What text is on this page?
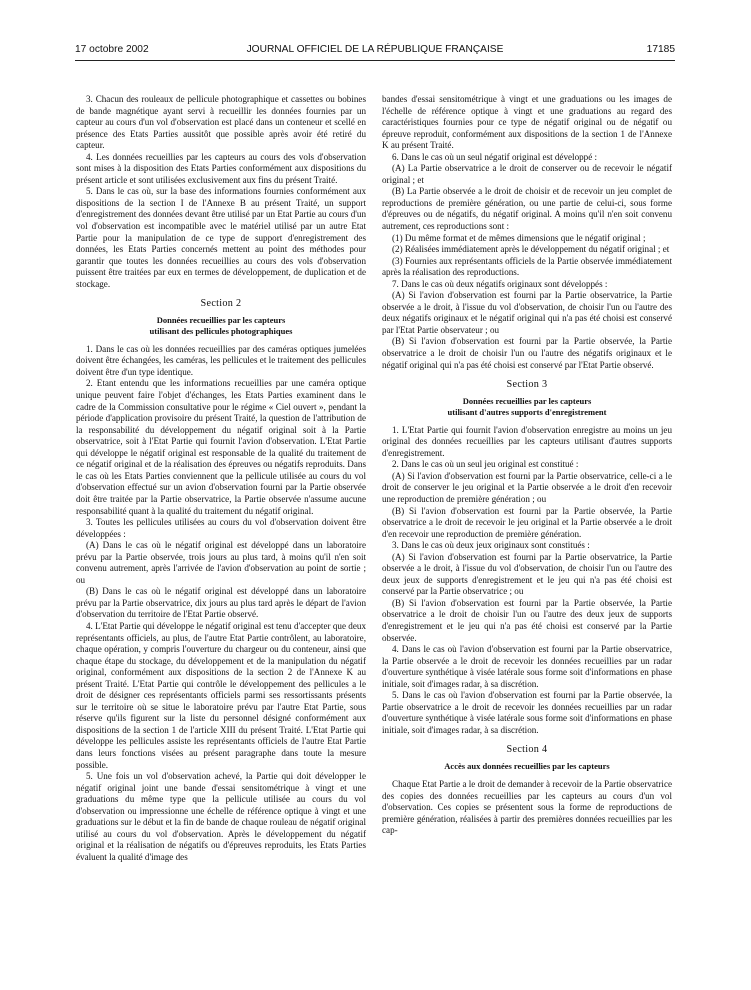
17 octobre 2002	JOURNAL OFFICIEL DE LA RÉPUBLIQUE FRANÇAISE	17185

3. Chacun des rouleaux de pellicule photographique et cassettes ou bobines de bande magnétique ayant servi à recueillir les données fournies par un capteur au cours d'un vol d'observation est placé dans un conteneur et scellé en présence des Etats Parties aussitôt que possible après avoir été retiré du capteur.

4. Les données recueillies par les capteurs au cours des vols d'observation sont mises à la disposition des Etats Parties conformément aux dispositions du présent article et sont utilisées exclusivement aux fins du présent Traité.

5. Dans le cas où, sur la base des informations fournies conformément aux dispositions de la section I de l'Annexe B au présent Traité, un support d'enregistrement des données devant être utilisé par un Etat Partie au cours d'un vol d'observation est incompatible avec le matériel utilisé par un autre Etat Partie pour la manipulation de ce type de support d'enregistrement des données, les Etats Parties concernés mettent au point des méthodes pour garantir que toutes les données recueillies au cours des vols d'observation puissent être traitées par eux en termes de développement, de duplication et de stockage.

Section 2
Données recueillies par les capteurs
utilisant des pellicules photographiques

1. Dans le cas où les données recueillies par des caméras optiques jumelées doivent être échangées, les caméras, les pellicules et le traitement des pellicules doivent être d'un type identique.

2. Etant entendu que les informations recueillies par une caméra optique unique peuvent faire l'objet d'échanges, les Etats Parties examinent dans le cadre de la Commission consultative pour le régime « Ciel ouvert », pendant la période d'application provisoire du présent Traité, la question de l'attribution de la responsabilité du développement du négatif original soit à la Partie observatrice, soit à l'Etat Partie qui fournit l'avion d'observation. L'Etat Partie qui développe le négatif original est responsable de la qualité du traitement de ce négatif original et de la réalisation des épreuves ou négatifs reproduits. Dans le cas où les Etats Parties conviennent que la pellicule utilisée au cours du vol d'observation effectué sur un avion d'observation fourni par la Partie observée doit être traitée par la Partie observatrice, la Partie observée n'assume aucune responsabilité quant à la qualité du traitement du négatif original.

3. Toutes les pellicules utilisées au cours du vol d'observation doivent être développées :

(A) Dans le cas où le négatif original est développé dans un laboratoire prévu par la Partie observée, trois jours au plus tard, à moins qu'il n'en soit convenu autrement, après l'arrivée de l'avion d'observation au point de sortie ; ou

(B) Dans le cas où le négatif original est développé dans un laboratoire prévu par la Partie observatrice, dix jours au plus tard après le départ de l'avion d'observation du territoire de l'Etat Partie observé.

4. L'Etat Partie qui développe le négatif original est tenu d'accepter que deux représentants officiels, au plus, de l'autre Etat Partie contrôlent, au laboratoire, chaque opération, y compris l'ouverture du chargeur ou du conteneur, ainsi que chaque étape du stockage, du développement et de la manipulation du négatif original, conformément aux dispositions de la section 2 de l'Annexe K au présent Traité. L'Etat Partie qui contrôle le développement des pellicules a le droit de désigner ces représentants officiels parmi ses ressortissants présents sur le territoire où se situe le laboratoire prévu par l'autre Etat Partie, sous réserve qu'ils figurent sur la liste du personnel désigné conformément aux dispositions de la section 1 de l'article XIII du présent Traité. L'Etat Partie qui développe les pellicules assiste les représentants officiels de l'autre Etat Partie dans leurs fonctions visées au présent paragraphe dans toute la mesure possible.

5. Une fois un vol d'observation achevé, la Partie qui doit développer le négatif original joint une bande d'essai sensitométrique à vingt et une graduations du même type que la pellicule utilisée au cours du vol d'observation ou impressionne une échelle de référence optique à vingt et une graduations sur le début et la fin de bande de chaque rouleau de négatif original utilisé au cours du vol d'observation. Après le développement du négatif original et la réalisation de négatifs ou d'épreuves reproduits, les Etats Parties évaluent la qualité d'image des

bandes d'essai sensitométrique à vingt et une graduations ou les images de l'échelle de référence optique à vingt et une graduations au regard des caractéristiques fournies pour ce type de négatif original ou de négatif ou épreuve reproduit, conformément aux dispositions de la section 1 de l'Annexe K au présent Traité.

6. Dans le cas où un seul négatif original est développé :

(A) La Partie observatrice a le droit de conserver ou de recevoir le négatif original ; et

(B) La Partie observée a le droit de choisir et de recevoir un jeu complet de reproductions de première génération, ou une partie de celui-ci, sous forme d'épreuves ou de négatifs, du négatif original. A moins qu'il n'en soit convenu autrement, ces reproductions sont :

(1) Du même format et de mêmes dimensions que le négatif original ;

(2) Réalisées immédiatement après le développement du négatif original ; et

(3) Fournies aux représentants officiels de la Partie observée immédiatement après la réalisation des reproductions.

7. Dans le cas où deux négatifs originaux sont développés :

(A) Si l'avion d'observation est fourni par la Partie observatrice, la Partie observée a le droit, à l'issue du vol d'observation, de choisir l'un ou l'autre des deux négatifs originaux et le négatif original qui n'a pas été choisi est conservé par l'Etat Partie observateur ; ou

(B) Si l'avion d'observation est fourni par la Partie observée, la Partie observatrice a le droit de choisir l'un ou l'autre des négatifs originaux et le négatif original qui n'a pas été choisi est conservé par l'Etat Partie observé.

Section 3
Données recueillies par les capteurs
utilisant d'autres supports d'enregistrement

1. L'Etat Partie qui fournit l'avion d'observation enregistre au moins un jeu original des données recueillies par les capteurs utilisant d'autres supports d'enregistrement.

2. Dans le cas où un seul jeu original est constitué :

(A) Si l'avion d'observation est fourni par la Partie observatrice, celle-ci a le droit de conserver le jeu original et la Partie observée a le droit d'en recevoir une reproduction de première génération ; ou

(B) Si l'avion d'observation est fourni par la Partie observée, la Partie observatrice a le droit de recevoir le jeu original et la Partie observée a le droit d'en recevoir une reproduction de première génération.

3. Dans le cas où deux jeux originaux sont constitués :

(A) Si l'avion d'observation est fourni par la Partie observatrice, la Partie observée a le droit, à l'issue du vol d'observation, de choisir l'un ou l'autre des deux jeux de supports d'enregistrement et le jeu qui n'a pas été choisi est conservé par la Partie observatrice ; ou

(B) Si l'avion d'observation est fourni par la Partie observée, la Partie observatrice a le droit de choisir l'un ou l'autre des deux jeux de supports d'enregistrement et le jeu qui n'a pas été choisi est conservé par la Partie observée.

4. Dans le cas où l'avion d'observation est fourni par la Partie observatrice, la Partie observée a le droit de recevoir les données recueillies par un radar d'ouverture synthétique à visée latérale sous forme soit d'informations en phase initiale, soit d'images radar, à sa discrétion.

5. Dans le cas où l'avion d'observation est fourni par la Partie observée, la Partie observatrice a le droit de recevoir les données recueillies par un radar d'ouverture synthétique à visée latérale sous forme soit d'informations en phase initiale, soit d'images radar, à sa discrétion.

Section 4
Accès aux données recueillies par les capteurs

Chaque Etat Partie a le droit de demander à recevoir de la Partie observatrice des copies des données recueillies par les capteurs au cours d'un vol d'observation. Ces copies se présentent sous la forme de reproductions de première génération, réalisées à partir des premières données recueillies par les cap-
